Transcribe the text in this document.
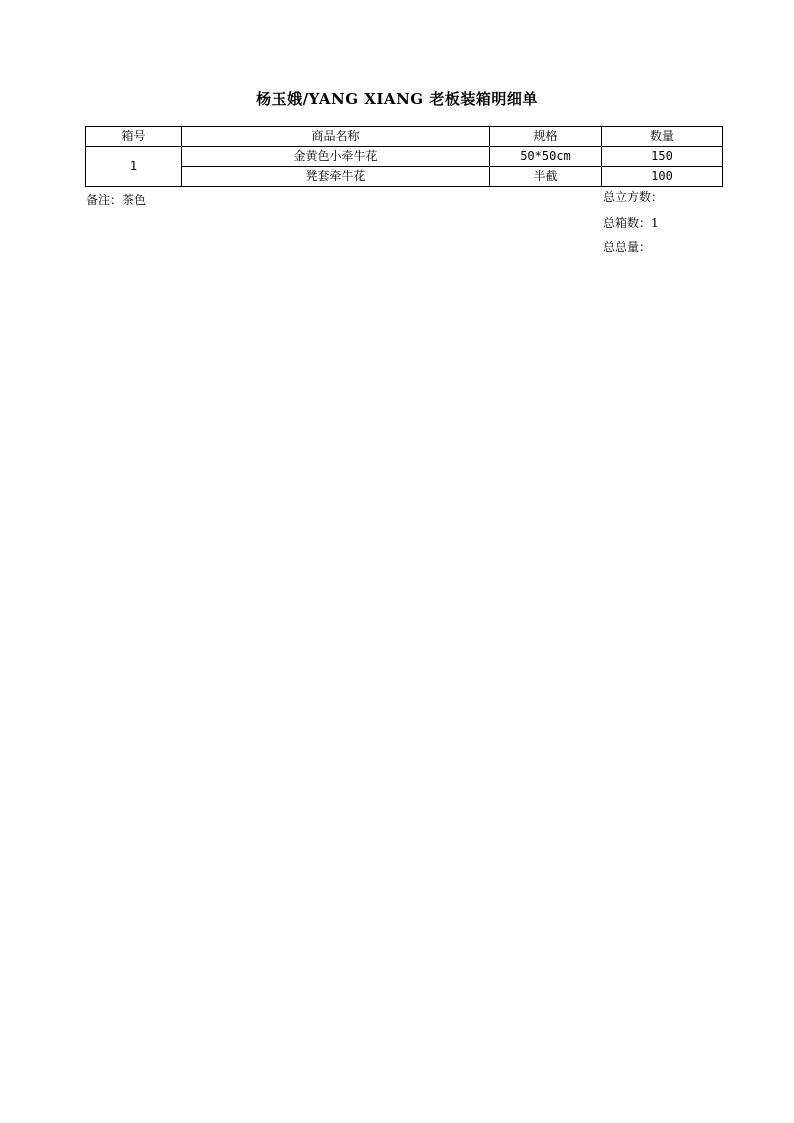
杨玉娥/YANG XIANG 老板装箱明细单
箱号	商品名称	规格	数量
1	金黄色小牵牛花	50*50cm	150
	凳套牵牛花	半截	100
备注：茶色	总立方数：
总箱数：1
总总量：
